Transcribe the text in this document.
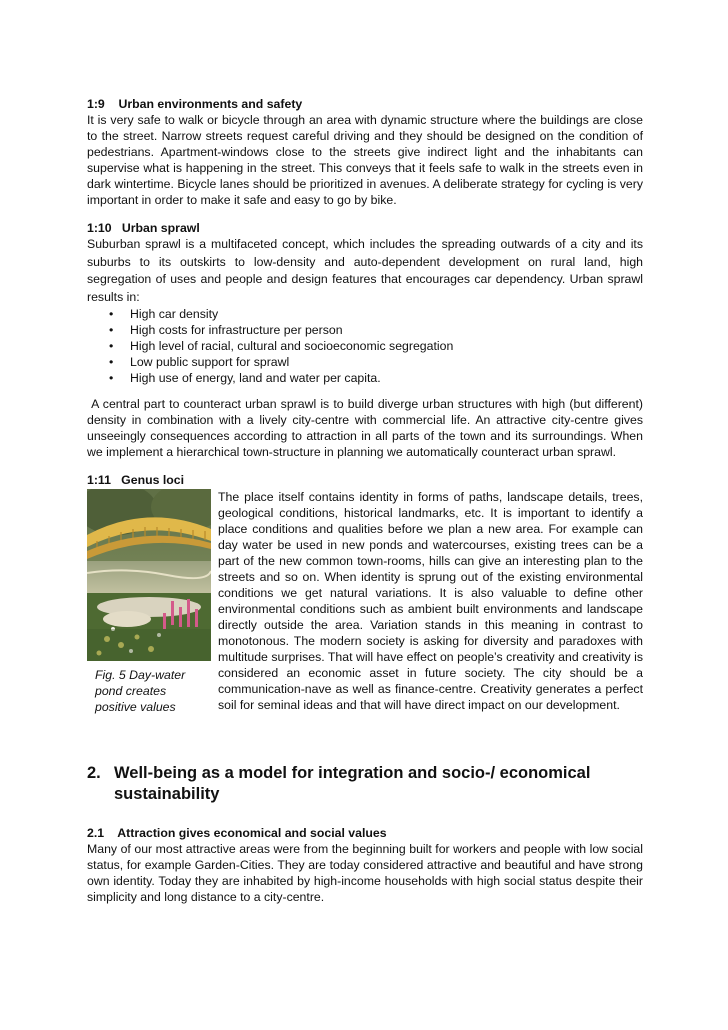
1:9    Urban environments and safety

It is very safe to walk or bicycle through an area with dynamic structure where the buildings are close to the street. Narrow streets request careful driving and they should be designed on the condition of pedestrians. Apartment-windows close to the streets give indirect light and the inhabitants can supervise what is happening in the street. This conveys that it feels safe to walk in the streets even in dark wintertime. Bicycle lanes should be prioritized in avenues. A deliberate strategy for cycling is very important in order to make it safe and easy to go by bike.

1:10   Urban sprawl

Suburban sprawl is a multifaceted concept, which includes the spreading outwards of a city and its suburbs to its outskirts to low-density and auto-dependent development on rural land, high segregation of uses and people and design features that encourages car dependency. Urban sprawl results in:

• High car density
• High costs for infrastructure per person
• High level of racial, cultural and socioeconomic segregation
• Low public support for sprawl
• High use of energy, land and water per capita.

A central part to counteract urban sprawl is to build diverge urban structures with high (but different) density in combination with a lively city-centre with commercial life. An attractive city-centre gives unseeingly consequences according to attraction in all parts of the town and its surroundings. When we implement a hierarchical town-structure in planning we automatically counteract urban sprawl.

1:11   Genus loci
Fig. 5 Day-water pond creates positive values

The place itself contains identity in forms of paths, landscape details, trees, geological conditions, historical landmarks, etc. It is important to identify a place conditions and qualities before we plan a new area. For example can day water be used in new ponds and watercourses, existing trees can be a part of the new common town-rooms, hills can give an interesting plan to the streets and so on. When identity is sprung out of the existing environmental conditions we get natural variations. It is also valuable to define other environmental conditions such as ambient built environments and landscape directly outside the area. Variation stands in this meaning in contrast to monotonous. The modern society is asking for diversity and paradoxes with multitude surprises. That will have effect on people’s creativity and creativity is considered an economic asset in future society. The city should be a communication-nave as well as finance-centre. Creativity generates a perfect soil for seminal ideas and that will have direct impact on our development.

2. Well-being as a model for integration and socio-/ economical sustainability
2.1    Attraction gives economical and social values

Many of our most attractive areas were from the beginning built for workers and people with low social status, for example Garden-Cities. They are today considered attractive and beautiful and have strong own identity. Today they are inhabited by high-income households with high social status despite their simplicity and long distance to a city-centre.
